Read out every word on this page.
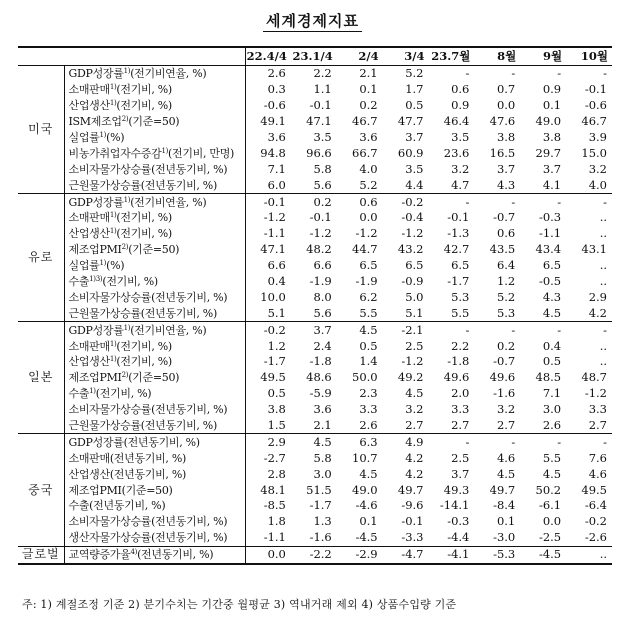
세계경제지표
		22.4/4	23.1/4	2/4	3/4	23.7월	8월	9월	10월
미국	GDP성장률$^{1)}$(전기비연율, %)	2.6	2.2	2.1	5.2	-	-	-	-
	소매판매$^{1)}$(전기비, %)	0.3	1.1	0.1	1.7	0.6	0.7	0.9	-0.1
	산업생산$^{1)}$(전기비, %)	-0.6	-0.1	0.2	0.5	0.9	0.0	0.1	-0.6
	ISM제조업$^{2)}$(기준=50)	49.1	47.1	46.7	47.7	46.4	47.6	49.0	46.7
	실업률$^{1)}$(%)	3.6	3.5	3.6	3.7	3.5	3.8	3.8	3.9
	비농가취업자수증감$^{1)}$(전기비, 만명)	94.8	96.6	66.7	60.9	23.6	16.5	29.7	15.0
	소비자물가상승률(전년동기비, %)	7.1	5.8	4.0	3.5	3.2	3.7	3.7	3.2
	근원물가상승률(전년동기비, %)	6.0	5.6	5.2	4.4	4.7	4.3	4.1	4.0
유로	GDP성장률$^{1)}$(전기비연율, %)	-0.1	0.2	0.6	-0.2	-	-	-	-
	소매판매$^{1)}$(전기비, %)	-1.2	-0.1	0.0	-0.4	-0.1	-0.7	-0.3	..
	산업생산$^{1)}$(전기비, %)	-1.1	-1.2	-1.2	-1.2	-1.3	0.6	-1.1	..
	제조업PMI$^{2)}$(기준=50)	47.1	48.2	44.7	43.2	42.7	43.5	43.4	43.1
	실업률$^{1)}$(%)	6.6	6.6	6.5	6.5	6.5	6.4	6.5	..
	수출$^{1)3)}$(전기비, %)	0.4	-1.9	-1.9	-0.9	-1.7	1.2	-0.5	..
	소비자물가상승률(전년동기비, %)	10.0	8.0	6.2	5.0	5.3	5.2	4.3	2.9
	근원물가상승률(전년동기비, %)	5.1	5.6	5.5	5.1	5.5	5.3	4.5	4.2
일본	GDP성장률$^{1)}$(전기비연율, %)	-0.2	3.7	4.5	-2.1	-	-	-	-
	소매판매$^{1)}$(전기비, %)	1.2	2.4	0.5	2.5	2.2	0.2	0.4	..
	산업생산$^{1)}$(전기비, %)	-1.7	-1.8	1.4	-1.2	-1.8	-0.7	0.5	..
	제조업PMI$^{2)}$(기준=50)	49.5	48.6	50.0	49.2	49.6	49.6	48.5	48.7
	수출$^{1)}$(전기비, %)	0.5	-5.9	2.3	4.5	2.0	-1.6	7.1	-1.2
	소비자물가상승률(전년동기비, %)	3.8	3.6	3.3	3.2	3.3	3.2	3.0	3.3
	근원물가상승률(전년동기비, %)	1.5	2.1	2.6	2.7	2.7	2.7	2.6	2.7
중국	GDP성장률(전년동기비, %)	2.9	4.5	6.3	4.9	-	-	-	-
	소매판매(전년동기비, %)	-2.7	5.8	10.7	4.2	2.5	4.6	5.5	7.6
	산업생산(전년동기비, %)	2.8	3.0	4.5	4.2	3.7	4.5	4.5	4.6
	제조업PMI(기준=50)	48.1	51.5	49.0	49.7	49.3	49.7	50.2	49.5
	수출(전년동기비, %)	-8.5	-1.7	-4.6	-9.6	-14.1	-8.4	-6.1	-6.4
	소비자물가상승률(전년동기비, %)	1.8	1.3	0.1	-0.1	-0.3	0.1	0.0	-0.2
	생산자물가상승률(전년동기비, %)	-1.1	-1.6	-4.5	-3.3	-4.4	-3.0	-2.5	-2.6
글로벌	교역량증가율$^{4)}$(전년동기비, %)	0.0	-2.2	-2.9	-4.7	-4.1	-5.3	-4.5	..
주: 1) 계절조정 기준 2) 분기수치는 기간중 월평균 3) 역내거래 제외 4) 상품수입량 기준
